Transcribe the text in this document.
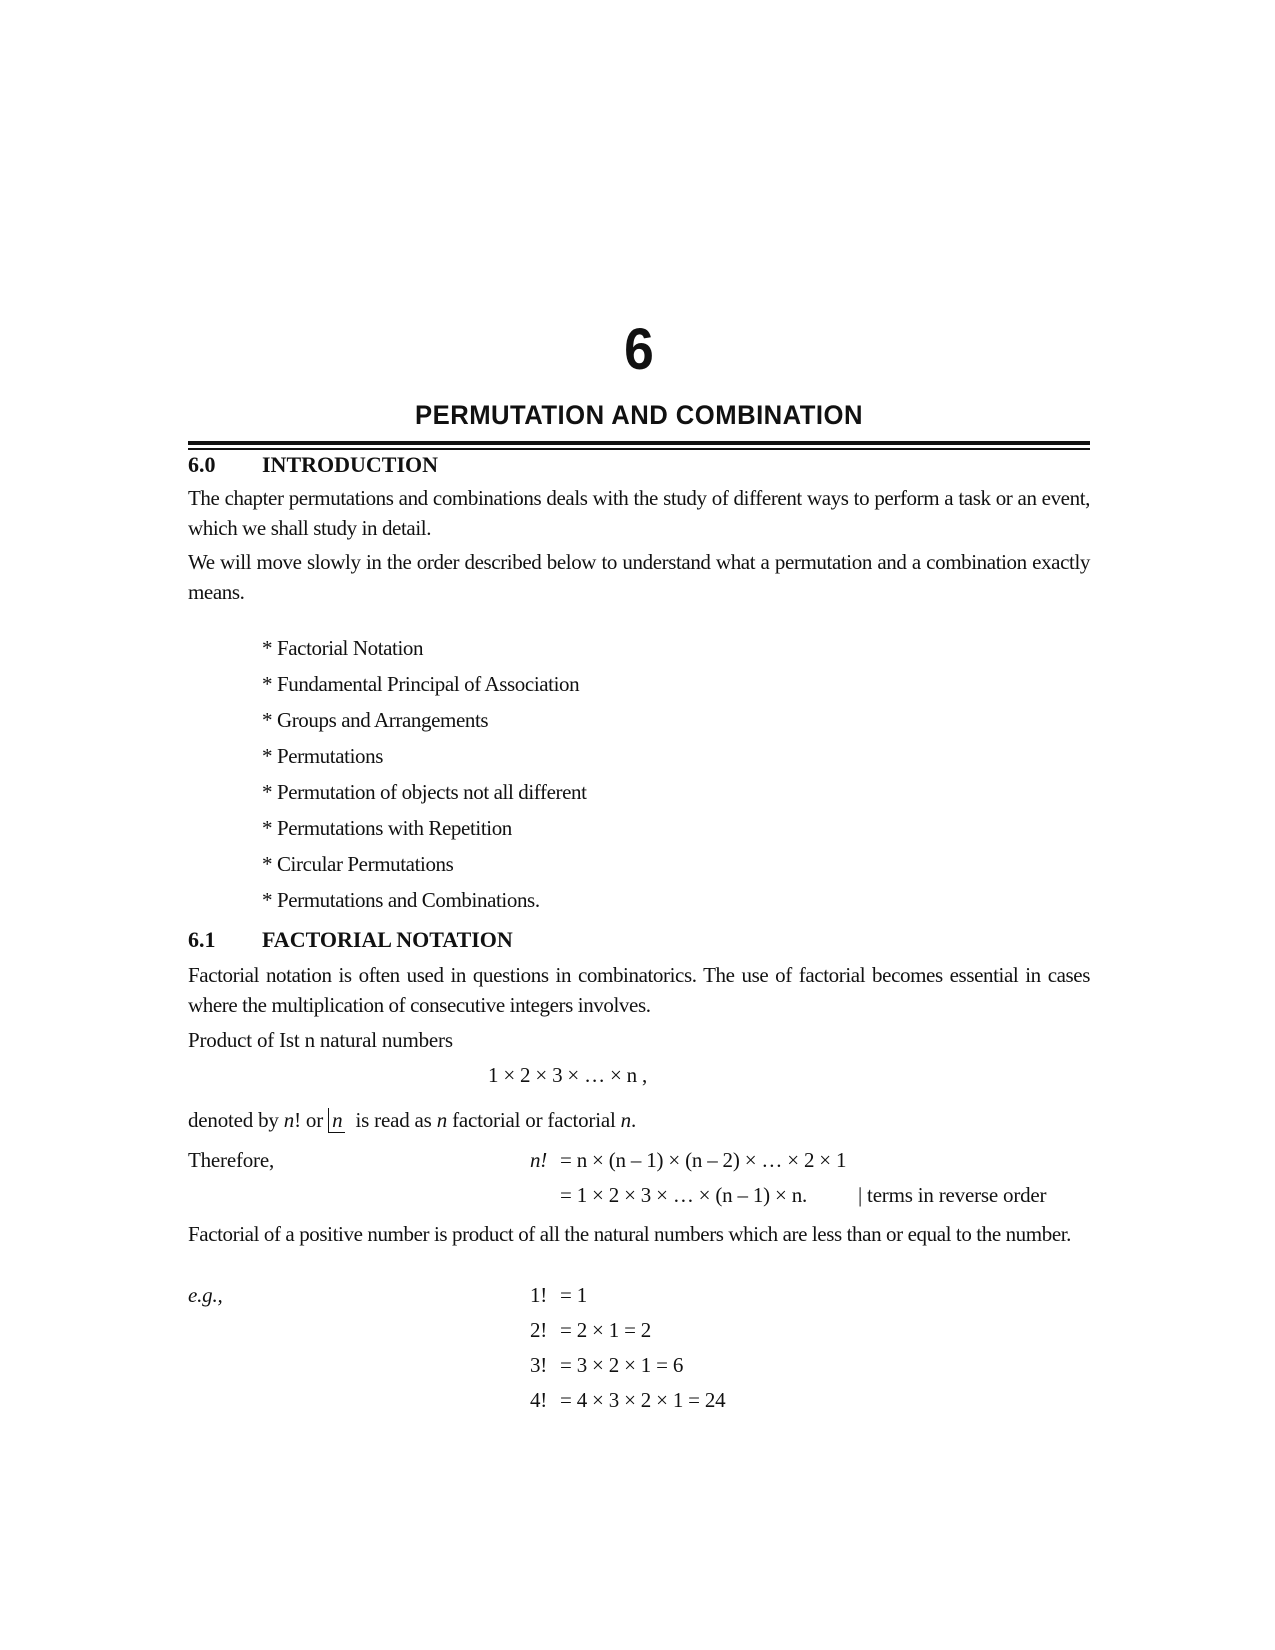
6
PERMUTATION AND COMBINATION
6.0 INTRODUCTION
The chapter permutations and combinations deals with the study of different ways to perform a task or an event, which we shall study in detail.
We will move slowly in the order described below to understand what a permutation and a combination exactly means.
* Factorial Notation
* Fundamental Principal of Association
* Groups and Arrangements
* Permutations
* Permutation of objects not all different
* Permutations with Repetition
* Circular Permutations
* Permutations and Combinations.
6.1 FACTORIAL NOTATION
Factorial notation is often used in questions in combinatorics. The use of factorial becomes essential in cases where the multiplication of consecutive integers involves.
Product of Ist n natural numbers
1 × 2 × 3 × … × n ,
denoted by n! or n  is read as n factorial or factorial n.
Therefore,	n! = n × (n – 1) × (n – 2) × … × 2 × 1
= 1 × 2 × 3 × … × (n – 1) × n. | terms in reverse order
Factorial of a positive number is product of all the natural numbers which are less than or equal to the number.
e.g.,	1! = 1
2! = 2 × 1 = 2
3! = 3 × 2 × 1 = 6
4! = 4 × 3 × 2 × 1 = 24
